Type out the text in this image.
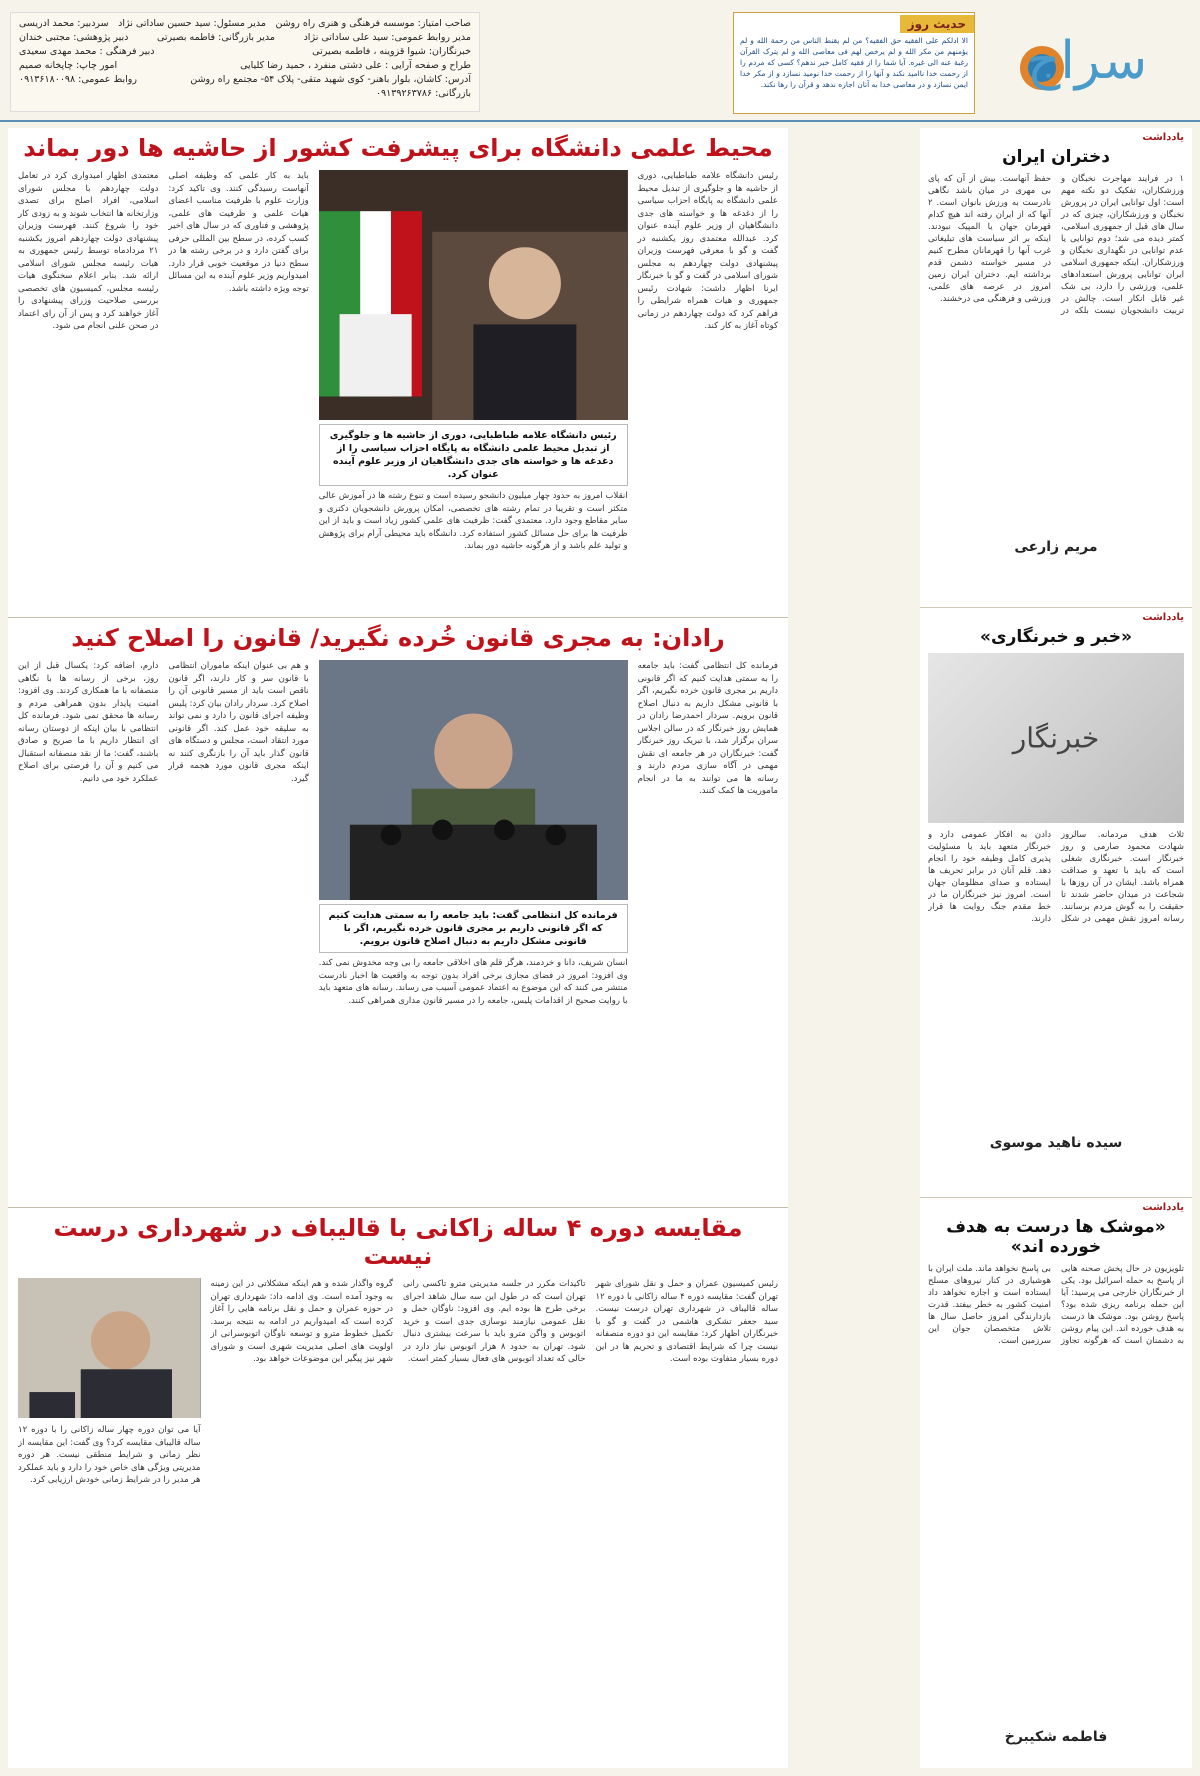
سراج
حدیث روز
الا ادلکم علی الفقیه حق الفقیه؟ من لم یقنط الناس من رحمة الله و لم یؤمنهم من مکر الله و لم یرخص لهم فی معاصی الله و لم یترک القرآن رغبة عنه الی غیره. آیا شما را از فقیه کامل خبر ندهم؟ کسی که مردم را از رحمت خدا ناامید نکند و آنها را از رحمت خدا نومید نسازد و از مکر خدا ایمن نسازد و در معاصی خدا به آنان اجازه ندهد و قرآن را رها نکند.
صاحب امتیاز: موسسه فرهنگی و هنری راه روشن
مدیر مسئول: سید حسین ساداتی نژاد
سردبیر: محمد ادریسی
مدیر روابط عمومی: سید علی ساداتی نژاد
مدیر بازرگانی: فاطمه بصیرتی
دبیر پژوهشی: مجتبی خندان
خبرنگاران: شیوا قزوینه ، فاطمه بصیرتی
دبیر فرهنگی : محمد مهدی سعیدی
طراح و صفحه آرایی : علی دشتی منفرد ، حمید رضا کلیایی
امور چاپ: چاپخانه صمیم
آدرس: کاشان، بلوار باهنر- کوی شهید متقی- پلاک ۵۴- مجتمع راه روشن
روابط عمومی: ۰۹۱۳۶۱۸۰۰۹۸
بازرگانی: ۰۹۱۳۹۲۶۳۷۸۶
یادداشت
دختران ایران
۱ در فرایند مهاجرت نخبگان و ورزشکاران، تفکیک دو نکته مهم است: اول توانایی ایران در پرورش نخبگان و ورزشکاران، چیزی که در سال های قبل از جمهوری اسلامی، کمتر دیده می شد؛ دوم توانایی یا عدم توانایی در نگهداری نخبگان و ورزشکاران. اینکه جمهوری اسلامی ایران توانایی پرورش استعدادهای علمی، ورزشی را دارد، بی شک غیر قابل انکار است. چالش در تربیت دانشجویان نیست بلکه در حفظ آنهاست. بیش از آن که پای بی مهری در میان باشد نگاهی نادرست به ورزش بانوان است. ۲ آنها که از ایران رفته اند هیچ کدام قهرمان جهان یا المپیک نبودند. اینکه بر اثر سیاست های تبلیغاتی غرب آنها را قهرمانان مطرح کنیم در مسیر خواسته دشمن قدم برداشته ایم. دختران ایران زمین امروز در عرصه های علمی، ورزشی و فرهنگی می درخشند.
مریم زارعی
یادداشت
«خبر و خبرنگاری»
خبرنگار
ثلاث هدف مردمانه. سالروز شهادت محمود صارمی و روز خبرنگار است. خبرنگاری شغلی است که باید با تعهد و صداقت همراه باشد. ایشان در آن روزها با شجاعت در میدان حاضر شدند تا حقیقت را به گوش مردم برسانند. رسانه امروز نقش مهمی در شکل دادن به افکار عمومی دارد و خبرنگار متعهد باید با مسئولیت پذیری کامل وظیفه خود را انجام دهد. قلم آنان در برابر تحریف ها ایستاده و صدای مظلومان جهان است. امروز نیز خبرنگاران ما در خط مقدم جنگ روایت ها قرار دارند.
سیده ناهید موسوی
یادداشت
«موشک ها درست به هدف خورده اند»
تلویزیون در حال پخش صحنه هایی از پاسخ به حمله اسرائیل بود. یکی از خبرنگاران خارجی می پرسید: آیا این حمله برنامه ریزی شده بود؟ پاسخ روشن بود. موشک ها درست به هدف خورده اند. این پیام روشن به دشمنان است که هرگونه تجاوز بی پاسخ نخواهد ماند. ملت ایران با هوشیاری در کنار نیروهای مسلح ایستاده است و اجازه نخواهد داد امنیت کشور به خطر بیفتد. قدرت بازدارندگی امروز حاصل سال ها تلاش متخصصان جوان این سرزمین است.
فاطمه شکیبرخ
محیط علمی دانشگاه برای پیشرفت کشور از حاشیه ها دور بماند
رئیس دانشگاه علامه طباطبایی، دوری از حاشیه ها و جلوگیری از تبدیل محیط علمی دانشگاه به پایگاه احزاب سیاسی را از دغدغه ها و خواسته های جدی دانشگاهیان از وزیر علوم آینده عنوان کرد. عبدالله معتمدی روز یکشنبه در گفت و گو با معرفی فهرست وزیران پیشنهادی دولت چهاردهم به مجلس شورای اسلامی در گفت و گو با خبرنگار ایرنا اظهار داشت: شهادت رئیس جمهوری و هیات همراه شرایطی را فراهم کرد که دولت چهاردهم در زمانی کوتاه آغاز به کار کند.
رئیس دانشگاه علامه طباطبایی، دوری از حاشیه ها و جلوگیری از تبدیل محیط علمی دانشگاه به پایگاه احزاب سیاسی را از دغدغه ها و خواسته های جدی دانشگاهیان از وزیر علوم آینده عنوان کرد.
انقلاب امروز به حدود چهار میلیون دانشجو رسیده است و تنوع رشته ها در آموزش عالی متکثر است و تقریبا در تمام رشته های تخصصی، امکان پرورش دانشجویان دکتری و سایر مقاطع وجود دارد. معتمدی گفت: ظرفیت های علمی کشور زیاد است و باید از این ظرفیت ها برای حل مسائل کشور استفاده کرد. دانشگاه باید محیطی آرام برای پژوهش و تولید علم باشد و از هرگونه حاشیه دور بماند.
باید به کار علمی که وظیفه اصلی آنهاست رسیدگی کنند. وی تاکید کرد: وزارت علوم با ظرفیت مناسب اعضای هیات علمی و ظرفیت های علمی، پژوهشی و فناوری که در سال های اخیر کسب کرده، در سطح بین المللی حرفی برای گفتن دارد و در برخی رشته ها در سطح دنیا در موقعیت خوبی قرار دارد. امیدواریم وزیر علوم آینده به این مسائل توجه ویژه داشته باشد.
معتمدی اظهار امیدواری کرد در تعامل دولت چهاردهم با مجلس شورای اسلامی، افراد اصلح برای تصدی وزارتخانه ها انتخاب شوند و به زودی کار خود را شروع کنند. فهرست وزیران پیشنهادی دولت چهاردهم امروز یکشنبه ۲۱ مردادماه توسط رئیس جمهوری به هیات رئیسه مجلس شورای اسلامی ارائه شد. بنابر اعلام سخنگوی هیات رئیسه مجلس، کمیسیون های تخصصی بررسی صلاحیت وزرای پیشنهادی را آغاز خواهند کرد و پس از آن رای اعتماد در صحن علنی انجام می شود.
رادان: به مجری قانون خُرده نگیرید/ قانون را اصلاح کنید
فرمانده کل انتظامی گفت: باید جامعه را به سمتی هدایت کنیم که اگر قانونی داریم بر مجری قانون خرده نگیریم، اگر با قانونی مشکل داریم به دنبال اصلاح قانون برویم. سردار احمدرضا رادان در همایش روز خبرنگار که در سالن اجلاس سران برگزار شد، با تبریک روز خبرنگار گفت: خبرنگاران در هر جامعه ای نقش مهمی در آگاه سازی مردم دارند و رسانه ها می توانند به ما در انجام ماموریت ها کمک کنند.
فرمانده کل انتظامی گفت: باید جامعه را به سمتی هدایت کنیم که اگر قانونی داریم بر مجری قانون خرده نگیریم، اگر با قانونی مشکل داریم به دنبال اصلاح قانون برویم.
انسان شریف، دانا و خردمند، هرگز قلم های اخلاقی جامعه را بی وجه مخدوش نمی کند. وی افزود: امروز در فضای مجازی برخی افراد بدون توجه به واقعیت ها اخبار نادرست منتشر می کنند که این موضوع به اعتماد عمومی آسیب می رساند. رسانه های متعهد باید با روایت صحیح از اقدامات پلیس، جامعه را در مسیر قانون مداری همراهی کنند.
و هم بی عنوان اینکه ماموران انتظامی با قانون سر و کار دارند، اگر قانون ناقص است باید از مسیر قانونی آن را اصلاح کرد. سردار رادان بیان کرد: پلیس وظیفه اجرای قانون را دارد و نمی تواند به سلیقه خود عمل کند. اگر قانونی مورد انتقاد است، مجلس و دستگاه های قانون گذار باید آن را بازنگری کنند نه اینکه مجری قانون مورد هجمه قرار گیرد.
دارم، اضافه کرد: یکسال قبل از این روز، برخی از رسانه ها با نگاهی منصفانه با ما همکاری کردند. وی افزود: امنیت پایدار بدون همراهی مردم و رسانه ها محقق نمی شود. فرمانده کل انتظامی با بیان اینکه از دوستان رسانه ای انتظار داریم با ما صریح و صادق باشند، گفت: ما از نقد منصفانه استقبال می کنیم و آن را فرصتی برای اصلاح عملکرد خود می دانیم.
مقایسه دوره ۴ ساله زاکانی با قالیباف در شهرداری درست نیست
رئیس کمیسیون عمران و حمل و نقل شورای شهر تهران گفت: مقایسه دوره ۴ ساله زاکانی با دوره ۱۲ ساله قالیباف در شهرداری تهران درست نیست. سید جعفر تشکری هاشمی در گفت و گو با خبرنگاران اظهار کرد: مقایسه این دو دوره منصفانه نیست چرا که شرایط اقتصادی و تحریم ها در این دوره بسیار متفاوت بوده است.
تاکیدات مکرر در جلسه مدیریتی مترو تاکسی رانی تهران است که در طول این سه سال شاهد اجرای برخی طرح ها بوده ایم. وی افزود: ناوگان حمل و نقل عمومی نیازمند نوسازی جدی است و خرید اتوبوس و واگن مترو باید با سرعت بیشتری دنبال شود. تهران به حدود ۸ هزار اتوبوس نیاز دارد در حالی که تعداد اتوبوس های فعال بسیار کمتر است.
گروه واگذار شده و هم اینکه مشکلاتی در این زمینه به وجود آمده است. وی ادامه داد: شهرداری تهران در حوزه عمران و حمل و نقل برنامه هایی را آغاز کرده است که امیدواریم در ادامه به نتیجه برسد. تکمیل خطوط مترو و توسعه ناوگان اتوبوسرانی از اولویت های اصلی مدیریت شهری است و شورای شهر نیز پیگیر این موضوعات خواهد بود.
آیا می توان دوره چهار ساله زاکانی را با دوره ۱۲ ساله قالیباف مقایسه کرد؟ وی گفت: این مقایسه از نظر زمانی و شرایط منطقی نیست. هر دوره مدیریتی ویژگی های خاص خود را دارد و باید عملکرد هر مدیر را در شرایط زمانی خودش ارزیابی کرد.
